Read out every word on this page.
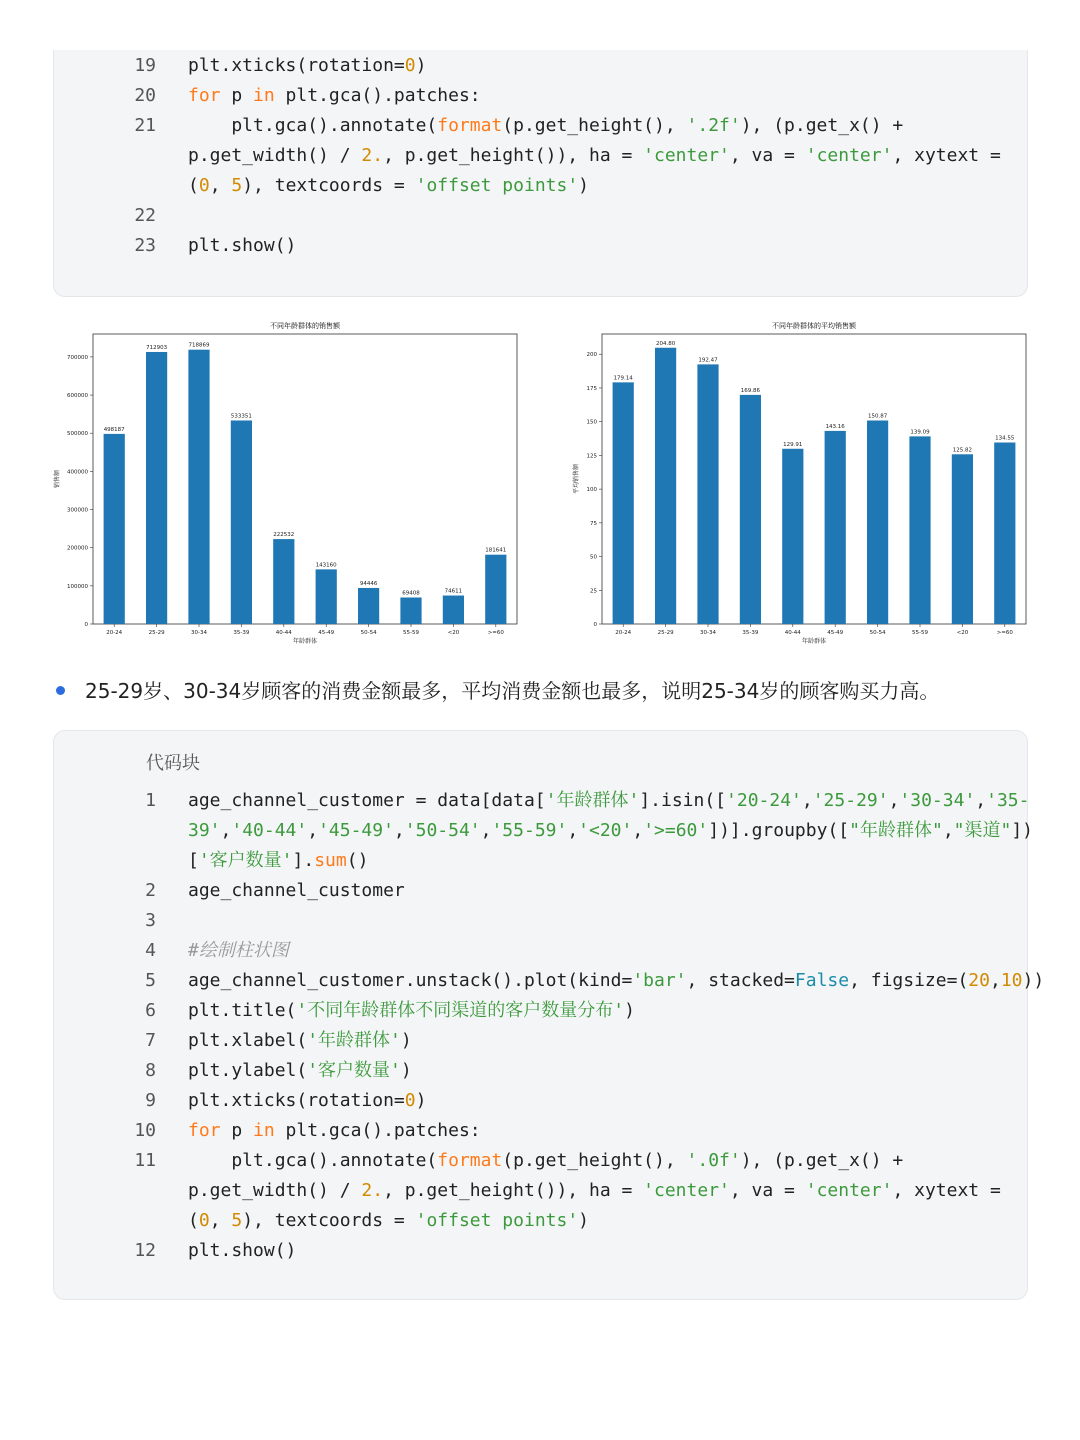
19 plt.xticks(rotation=0)
20 for p in plt.gca().patches:
21 plt.gca().annotate(format(p.get_height(), '.2f'), (p.get_x() +
p.get_width() / 2., p.get_height()), ha = 'center', va = 'center', xytext =
(0, 5), textcoords = 'offset points')
22
23 plt.show()
不同年龄群体的销售额
0
100000
200000
300000
400000
500000
600000
700000
498187
20-24
712903
25-29
718869
30-34
533351
35-39
222532
40-44
143160
45-49
94446
50-54
69408
55-59
74611
<20
181641
>=60
年龄群体
销售额
不同年龄群体的平均销售额
0
25
50
75
100
125
150
175
200
179.14
20-24
204.80
25-29
192.47
30-34
169.86
35-39
129.91
40-44
143.16
45-49
150.87
50-54
139.09
55-59
125.82
<20
134.55
>=60
年龄群体
平均销售额
25-29岁、30-34岁顾客的消费金额最多，平均消费金额也最多，说明25-34岁的顾客购买力高。
代码块
1 age_channel_customer = data[data['年龄群体'].isin(['20-24','25-29','30-34','35-
39','40-44','45-49','50-54','55-59','<20','>=60'])].groupby(["年龄群体","渠道"])
['客户数量'].sum()
2 age_channel_customer
3
4 #绘制柱状图
5 age_channel_customer.unstack().plot(kind='bar', stacked=False, figsize=(20,10))
6 plt.title('不同年龄群体不同渠道的客户数量分布')
7 plt.xlabel('年龄群体')
8 plt.ylabel('客户数量')
9 plt.xticks(rotation=0)
10 for p in plt.gca().patches:
11 plt.gca().annotate(format(p.get_height(), '.0f'), (p.get_x() +
p.get_width() / 2., p.get_height()), ha = 'center', va = 'center', xytext =
(0, 5), textcoords = 'offset points')
12 plt.show()
